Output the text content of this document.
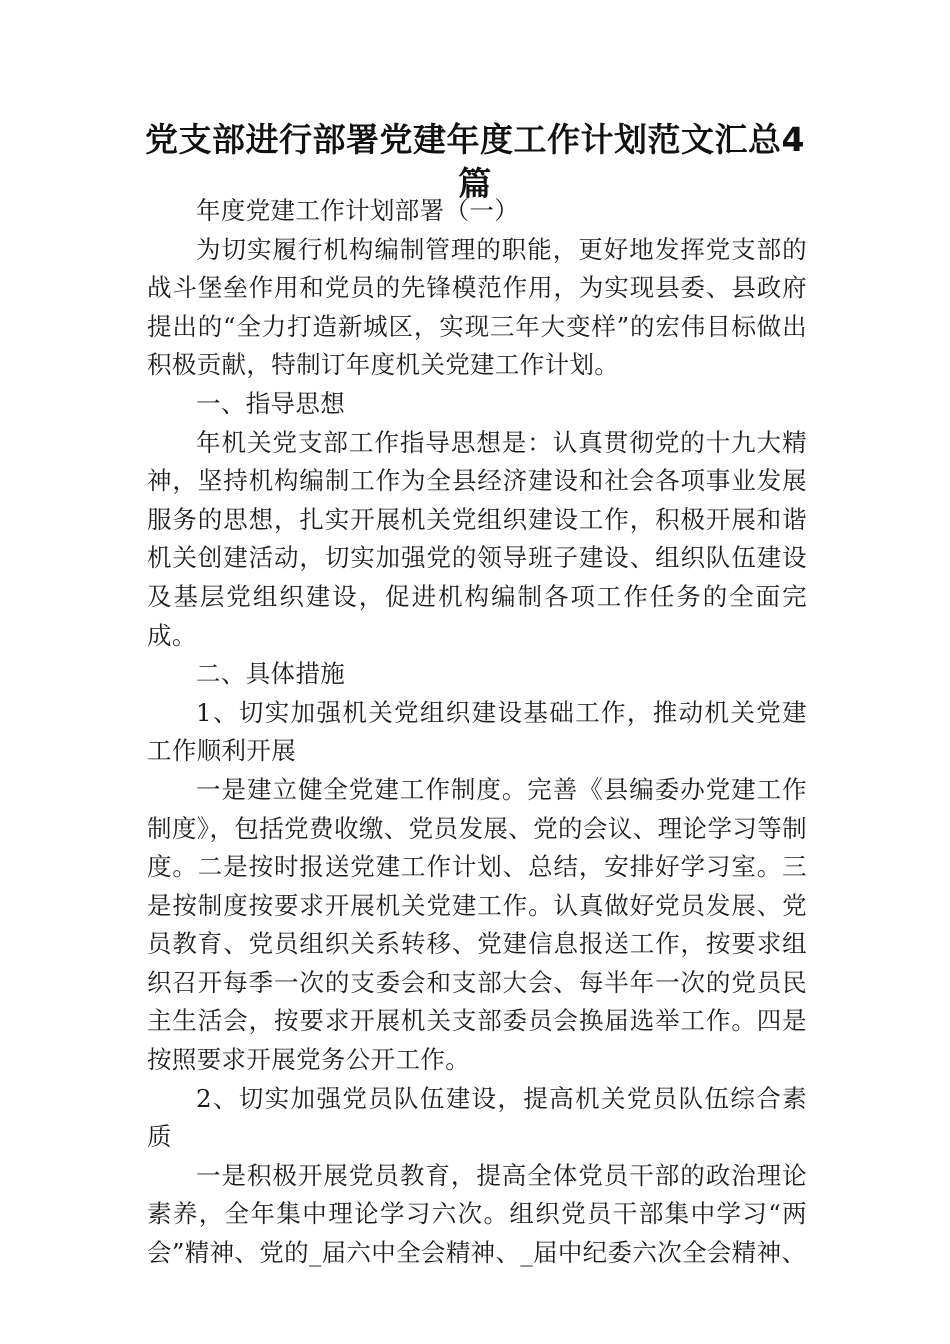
党支部进行部署党建年度工作计划范文汇总4篇

年度党建工作计划部署（一）

为切实履行机构编制管理的职能，更好地发挥党支部的战斗堡垒作用和党员的先锋模范作用，为实现县委、县政府提出的“全力打造新城区，实现三年大变样”的宏伟目标做出积极贡献，特制订年度机关党建工作计划。

一、指导思想

年机关党支部工作指导思想是：认真贯彻党的十九大精神，坚持机构编制工作为全县经济建设和社会各项事业发展服务的思想，扎实开展机关党组织建设工作，积极开展和谐机关创建活动，切实加强党的领导班子建设、组织队伍建设及基层党组织建设，促进机构编制各项工作任务的全面完成。

二、具体措施

1、切实加强机关党组织建设基础工作，推动机关党建工作顺利开展

一是建立健全党建工作制度。完善《县编委办党建工作制度》，包括党费收缴、党员发展、党的会议、理论学习等制度。二是按时报送党建工作计划、总结，安排好学习室。三是按制度按要求开展机关党建工作。认真做好党员发展、党员教育、党员组织关系转移、党建信息报送工作，按要求组织召开每季一次的支委会和支部大会、每半年一次的党员民主生活会，按要求开展机关支部委员会换届选举工作。四是按照要求开展党务公开工作。

2、切实加强党员队伍建设，提高机关党员队伍综合素质

一是积极开展党员教育，提高全体党员干部的政治理论素养，全年集中理论学习六次。组织党员干部集中学习“两会”精神、党的_届六中全会精神、_届中纪委六次全会精神、
